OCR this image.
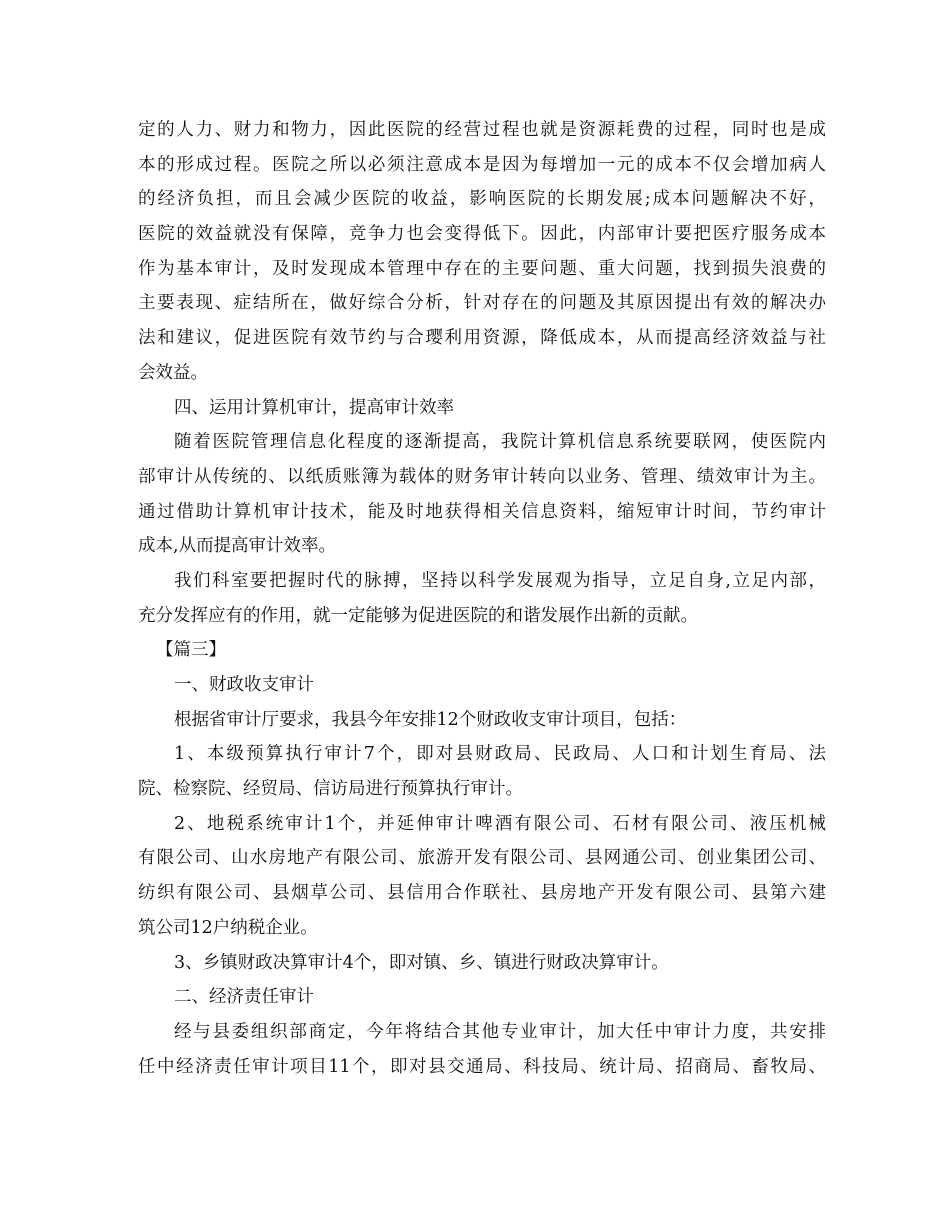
定的人力、财力和物力，因此医院的经营过程也就是资源耗费的过程，同时也是成
本的形成过程。医院之所以必须注意成本是因为每增加一元的成本不仅会增加病人
的经济负担，而且会减少医院的收益，影响医院的长期发展;成本问题解决不好，
医院的效益就没有保障，竞争力也会变得低下。因此，内部审计要把医疗服务成本
作为基本审计，及时发现成本管理中存在的主要问题、重大问题，找到损失浪费的
主要表现、症结所在，做好综合分析，针对存在的问题及其原因提出有效的解决办
法和建议，促进医院有效节约与合璎利用资源，降低成本，从而提高经济效益与社
会效益。
四、运用计算机审计，提高审计效率
随着医院管理信息化程度的逐渐提高，我院计算机信息系统要联网，使医院内
部审计从传统的、以纸质账簿为载体的财务审计转向以业务、管理、绩效审计为主。
通过借助计算机审计技术，能及时地获得相关信息资料，缩短审计时间，节约审计
成本,从而提高审计效率。
我们科室要把握时代的脉搏，坚持以科学发展观为指导，立足自身,立足内部，
充分发挥应有的作用，就一定能够为促进医院的和谐发展作出新的贡献。
【篇三】
一、财政收支审计
根据省审计厅要求，我县今年安排12个财政收支审计项目，包括：
1、本级预算执行审计7个，即对县财政局、民政局、人口和计划生育局、法
院、检察院、经贸局、信访局进行预算执行审计。
2、地税系统审计1个，并延伸审计啤酒有限公司、石材有限公司、液压机械
有限公司、山水房地产有限公司、旅游开发有限公司、县网通公司、创业集团公司、
纺织有限公司、县烟草公司、县信用合作联社、县房地产开发有限公司、县第六建
筑公司12户纳税企业。
3、乡镇财政决算审计4个，即对镇、乡、镇进行财政决算审计。
二、经济责任审计
经与县委组织部商定，今年将结合其他专业审计，加大任中审计力度，共安排
任中经济责任审计项目11个，即对县交通局、科技局、统计局、招商局、畜牧局、
